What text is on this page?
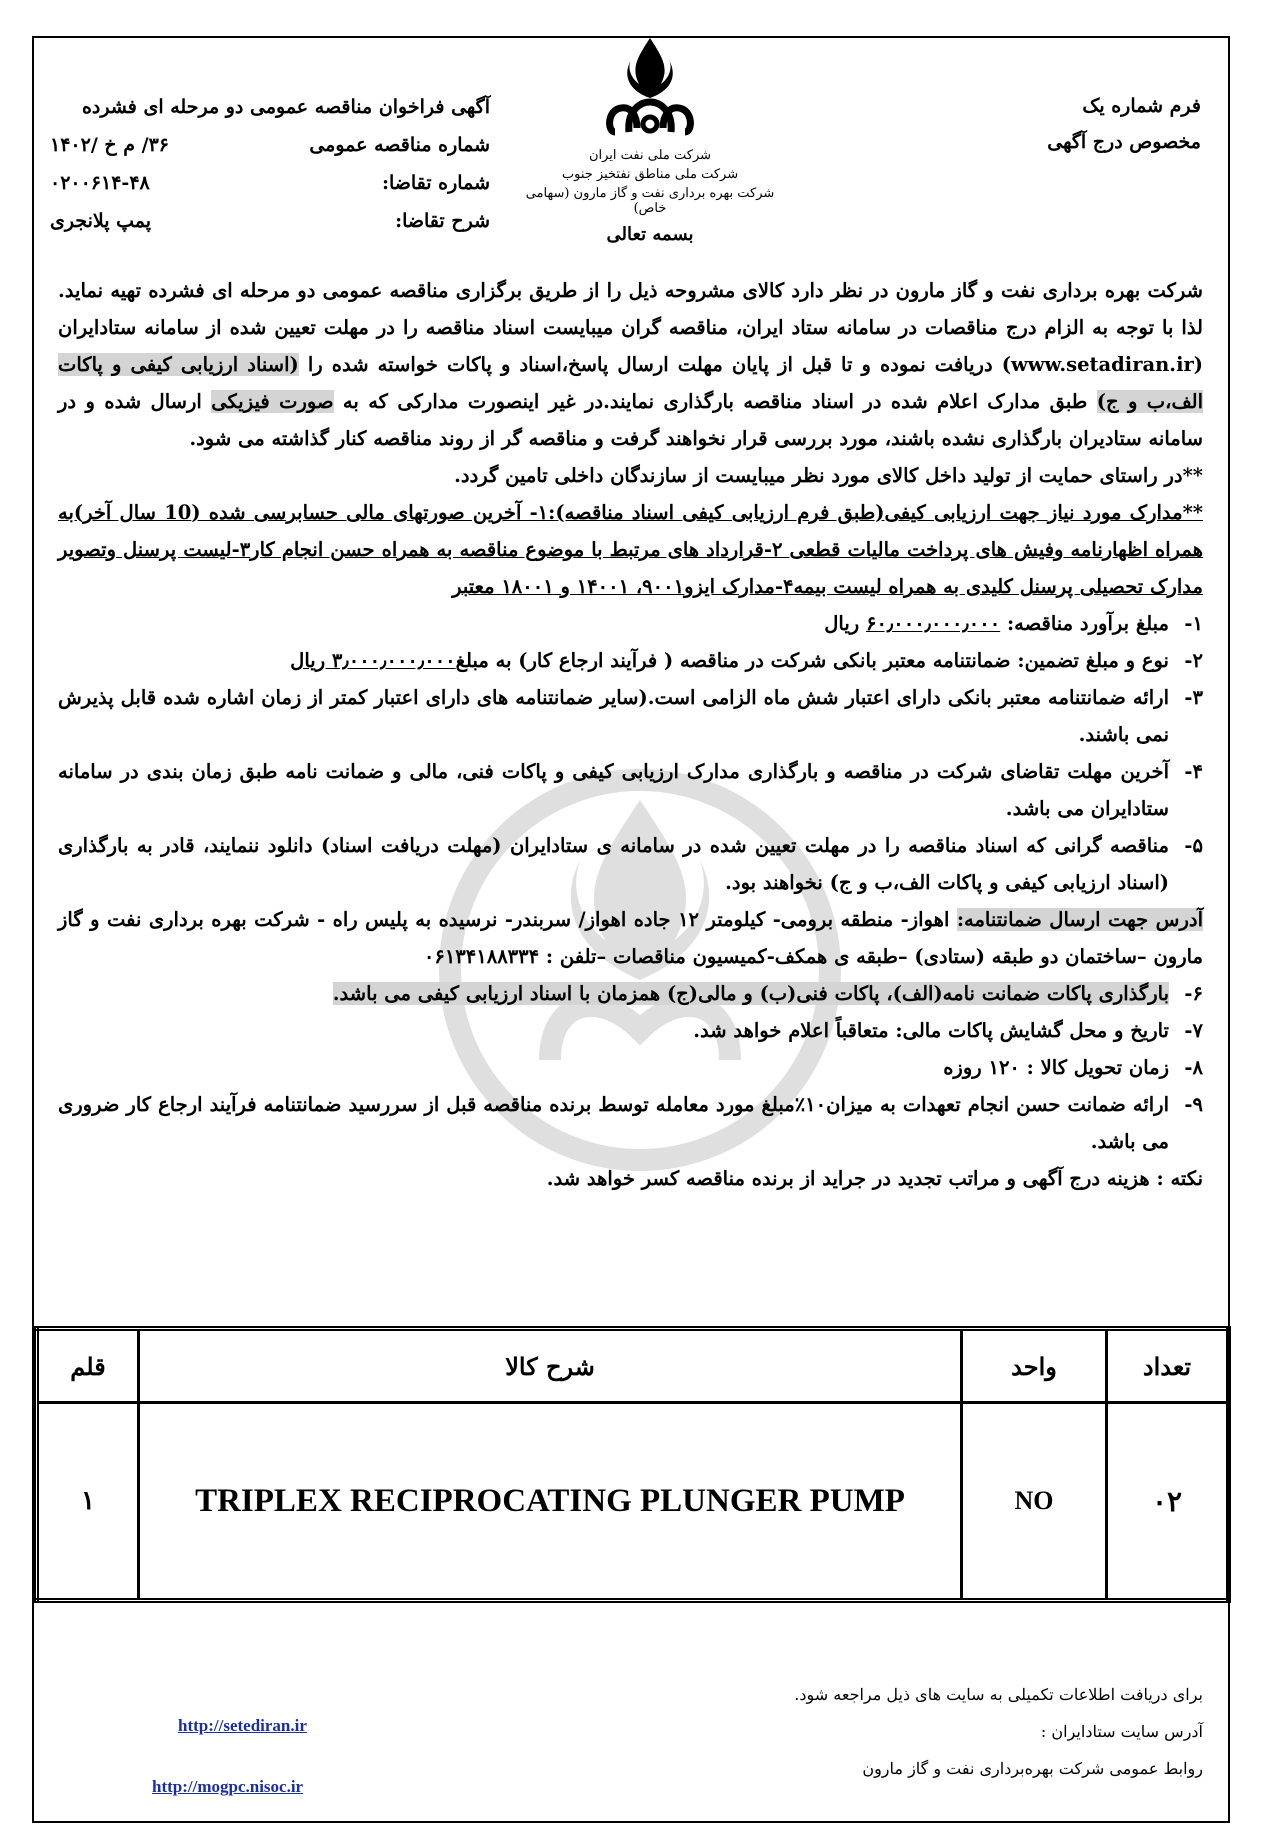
فرم شماره یک
مخصوص درج آگهی
شرکت ملی نفت ایران
شرکت ملی مناطق نفتخیز جنوب
شرکت بهره برداری نفت و گاز مارون (سهامی خاص)
بسمه تعالی
آگهی فراخوان مناقصه عمومی دو مرحله ای فشرده
شماره مناقصه عمومی
۳۶/ م خ /۱۴۰۲
شماره تقاضا:
۰۲۰۰۶۱۴-۴۸
شرح تقاضا:
پمپ پلانجری
شرکت بهره برداری نفت و گاز مارون در نظر دارد کالای مشروحه ذیل را از طریق برگزاری مناقصه عمومی دو مرحله ای فشرده تهیه نماید. لذا با توجه به الزام درج مناقصات در سامانه ستاد ایران، مناقصه گران میبایست اسناد مناقصه را در مهلت تعیین شده از سامانه ستادایران (www.setadiran.ir) دریافت نموده و تا قبل از پایان مهلت ارسال پاسخ،اسناد و پاکات خواسته شده را (اسناد ارزیابی کیفی و پاکات الف،ب و ج) طبق مدارک اعلام شده در اسناد مناقصه بارگذاری نمایند.در غیر اینصورت مدارکی که به صورت فیزیکی ارسال شده و در سامانه ستادیران بارگذاری نشده باشند، مورد بررسی قرار نخواهند گرفت و مناقصه گر از روند مناقصه کنار گذاشته می شود.
**در راستای حمایت از تولید داخل کالای مورد نظر میبایست از سازندگان داخلی تامین گردد.
**مدارک مورد نیاز جهت ارزیابی کیفی(طبق فرم ارزیابی کیفی اسناد مناقصه):۱- آخرین صورتهای مالی حسابرسی شده (10 سال آخر)به همراه اظهارنامه وفیش های پرداخت مالیات قطعی ۲-قرارداد های مرتبط با موضوع مناقصه به همراه حسن انجام کار۳-لیست پرسنل وتصویر مدارک تحصیلی پرسنل کلیدی به همراه لیست بیمه۴-مدارک ایزو۹۰۰۱، ۱۴۰۰۱ و ۱۸۰۰۱ معتبر
۱-
مبلغ برآورد مناقصه: ۶۰٫۰۰۰٫۰۰۰٫۰۰۰ ریال
۲-
نوع و مبلغ تضمین: ضمانتنامه معتبر بانکی شرکت در مناقصه ( فرآیند ارجاع کار) به مبلغ۳٫۰۰۰٫۰۰۰٫۰۰۰ ریال
۳-
ارائه ضمانتنامه معتبر بانکی دارای اعتبار شش ماه الزامی است.(سایر ضمانتنامه های دارای اعتبار کمتر از زمان اشاره شده قابل پذیرش نمی باشند.
۴-
آخرین مهلت تقاضای شرکت در مناقصه و بارگذاری مدارک ارزیابی کیفی و پاکات فنی، مالی و ضمانت نامه طبق زمان بندی در سامانه ستادایران می باشد.
۵-
مناقصه گرانی که اسناد مناقصه را در مهلت تعیین شده در سامانه ی ستادایران (مهلت دریافت اسناد) دانلود ننمایند، قادر به بارگذاری (اسناد ارزیابی کیفی و پاکات الف،ب و ج) نخواهند بود.
آدرس جهت ارسال ضمانتنامه: اهواز- منطقه برومی- کیلومتر ۱۲ جاده اهواز/ سربندر- نرسیده به پلیس راه - شرکت بهره برداری نفت و گاز مارون –ساختمان دو طبقه (ستادی) –طبقه ی همکف-کمیسیون مناقصات –تلفن : ۰۶۱۳۴۱۸۸۳۳۴
۶-
بارگذاری پاکات ضمانت نامه(الف)، پاکات فنی(ب) و مالی(ج) همزمان با اسناد ارزیابی کیفی می باشد.
۷-
تاریخ و محل گشایش پاکات مالی: متعاقباً اعلام خواهد شد.
۸-
زمان تحویل کالا : ۱۲۰ روزه
۹-
ارائه ضمانت حسن انجام تعهدات به میزان۱۰٪مبلغ مورد معامله توسط برنده مناقصه قبل از سررسید ضمانتنامه فرآیند ارجاع کار ضروری می باشد.
نکته : هزینه درج آگهی و مراتب تجدید در جراید از برنده مناقصه کسر خواهد شد.
تعداد	واحد	شرح کالا	قلم
۰۲	NO	TRIPLEX RECIPROCATING PLUNGER PUMP	۱
برای دریافت اطلاعات تکمیلی به سایت های ذیل مراجعه شود.
آدرس سایت ستادایران :
روابط عمومی شرکت بهره‌برداری نفت و گاز مارون
http://setediran.ir
http://mogpc.nisoc.ir
